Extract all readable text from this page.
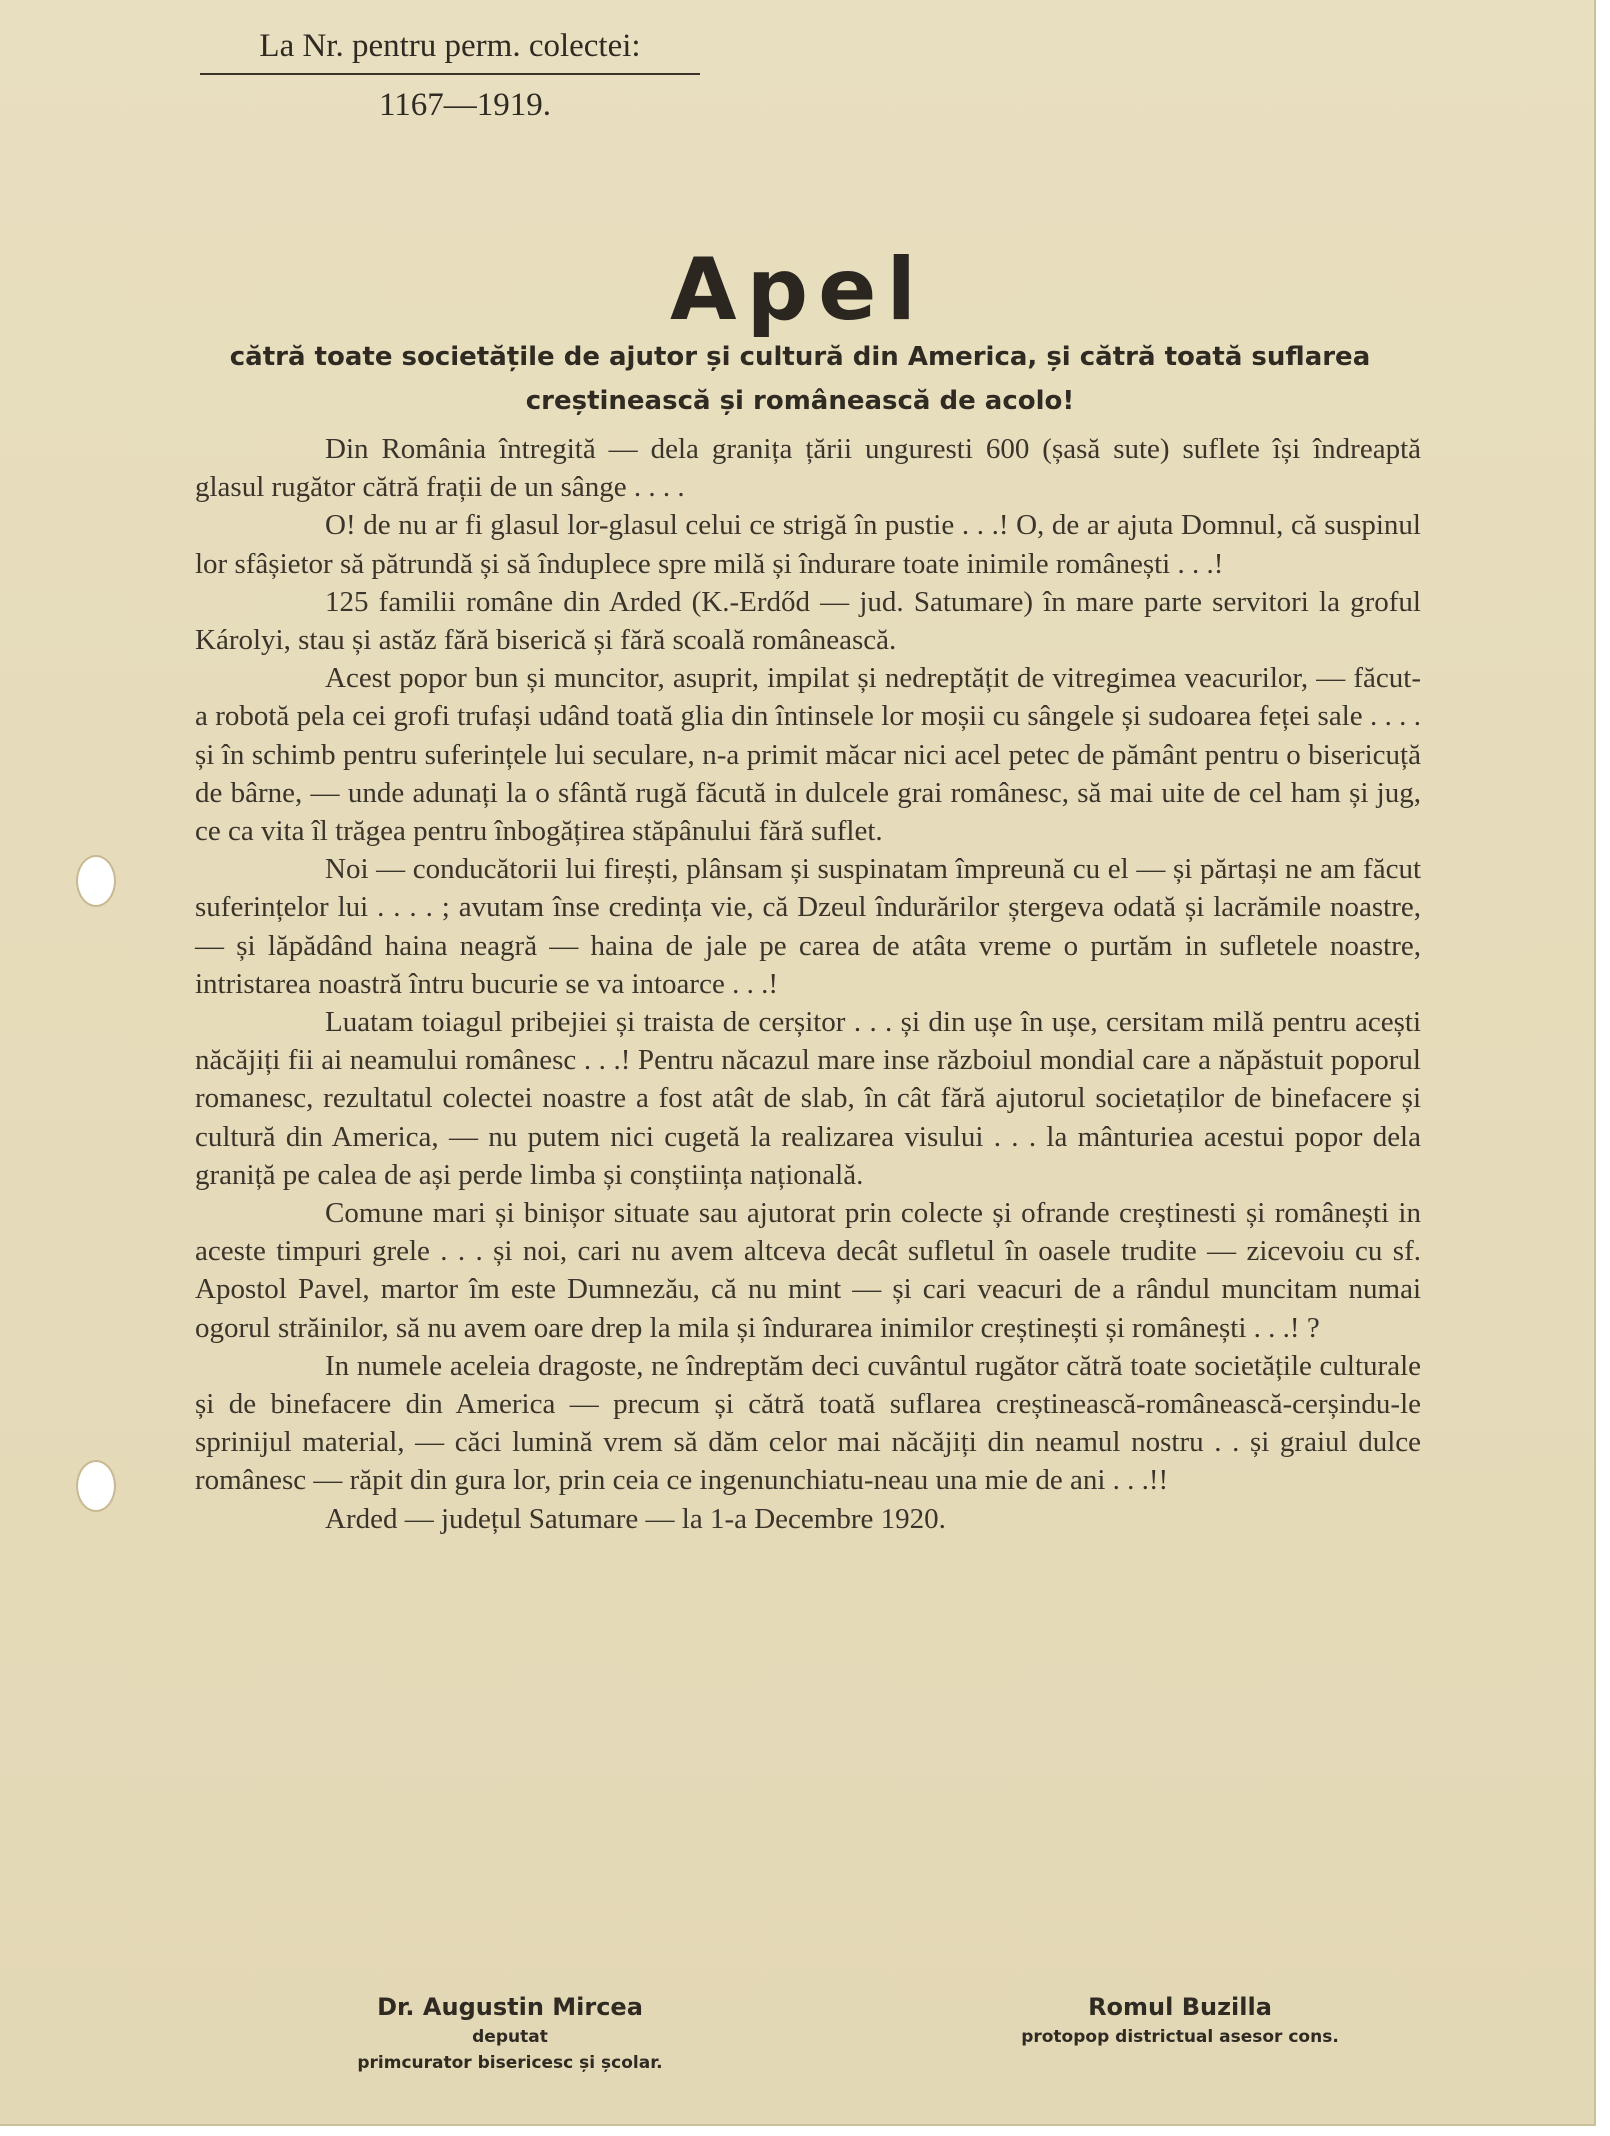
La Nr. pentru perm. colectei:
1167—1919.
Apel
cătră toate societățile de ajutor și cultură din America, și cătră toată suflarea creștinească și românească de acolo!

Din România întregită — dela granița țării unguresti 600 (șasă sute) suflete își îndreaptă glasul rugător cătră frații de un sânge . . . .

O! de nu ar fi glasul lor-glasul celui ce strigă în pustie . . .! O, de ar ajuta Domnul, că suspinul lor sfâșietor să pătrundă și să înduplece spre milă și îndurare toate inimile românești . . .!

125 familii române din Arded (K.-Erdőd — jud. Satumare) în mare parte servitori la groful Károlyi, stau și astăz fără biserică și fără scoală românească.

Acest popor bun și muncitor, asuprit, impilat și nedreptățit de vitregimea veacurilor, — făcut-a robotă pela cei grofi trufași udând toată glia din întinsele lor moșii cu sângele și sudoarea feței sale . . . . și în schimb pentru suferințele lui seculare, n-a primit măcar nici acel petec de pământ pentru o bisericuță de bârne, — unde adunați la o sfântă rugă făcută in dulcele grai românesc, să mai uite de cel ham și jug, ce ca vita îl trăgea pentru înbogățirea stăpânului fără suflet.

Noi — conducătorii lui firești, plânsam și suspinatam împreună cu el — și părtași ne am făcut suferințelor lui . . . . ; avutam înse credința vie, că Dzeul îndurărilor ștergeva odată și lacrămile noastre, — și lăpădând haina neagră — haina de jale pe carea de atâta vreme o purtăm in sufletele noastre, intristarea noastră întru bucurie se va intoarce . . .!

Luatam toiagul pribejiei și traista de cerșitor . . . și din ușe în ușe, cersitam milă pentru acești năcăjiți fii ai neamului românesc . . .! Pentru năcazul mare inse războiul mondial care a năpăstuit poporul romanesc, rezultatul colectei noastre a fost atât de slab, în cât fără ajutorul societaților de binefacere și cultură din America, — nu putem nici cugetă la realizarea visului . . . la mânturiea acestui popor dela graniță pe calea de ași perde limba și conștiința națională.

Comune mari și binișor situate sau ajutorat prin colecte și ofrande creștinesti și românești in aceste timpuri grele . . . și noi, cari nu avem altceva decât sufletul în oasele trudite — zicevoiu cu sf. Apostol Pavel, martor îm este Dumnezău, că nu mint — și cari veacuri de a rândul muncitam numai ogorul străinilor, să nu avem oare drep la mila și îndurarea inimilor creștinești și românești . . .! ?

In numele aceleia dragoste, ne îndreptăm deci cuvântul rugător cătră toate societățile culturale și de binefacere din America — precum și cătră toată suflarea creștinească-românească-cerșindu-le sprinijul material, — căci lumină vrem să dăm celor mai năcăjiți din neamul nostru . . și graiul dulce românesc — răpit din gura lor, prin ceia ce ingenunchiatu-neau una mie de ani . . .!!

Arded — județul Satumare — la 1-a Decembre 1920.

Dr. Augustin Mircea
deputat
primcurator bisericesc și școlar.
Romul Buzilla
protopop districtual asesor cons.
